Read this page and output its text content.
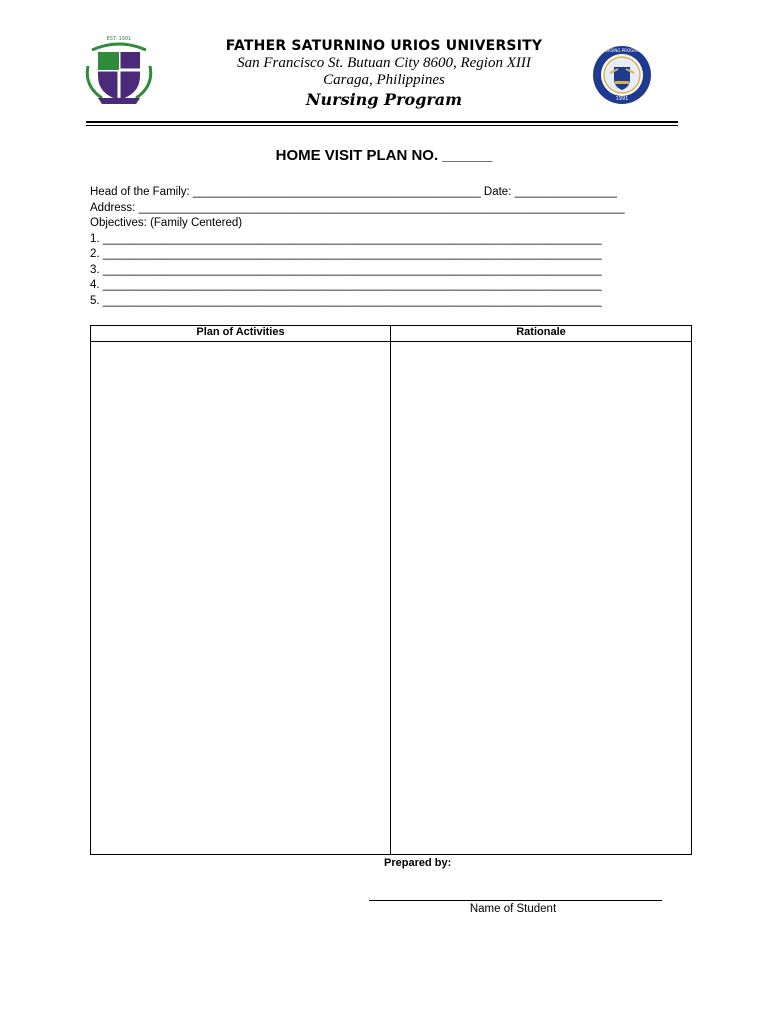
EST. 1901
NURSING PROGRAM
1991
FATHER SATURNINO URIOS UNIVERSITY
San Francisco St. Butuan City 8600, Region XIII
Caraga, Philippines
Nursing Program
HOME VISIT PLAN NO. ______
Head of the Family: _____________________________________________ Date: ________________
Address: ____________________________________________________________________________
Objectives: (Family Centered)
1. ______________________________________________________________________________
2. ______________________________________________________________________________
3. ______________________________________________________________________________
4. ______________________________________________________________________________
5. ______________________________________________________________________________
Plan of Activities	Rationale
Prepared by:
Name of Student
